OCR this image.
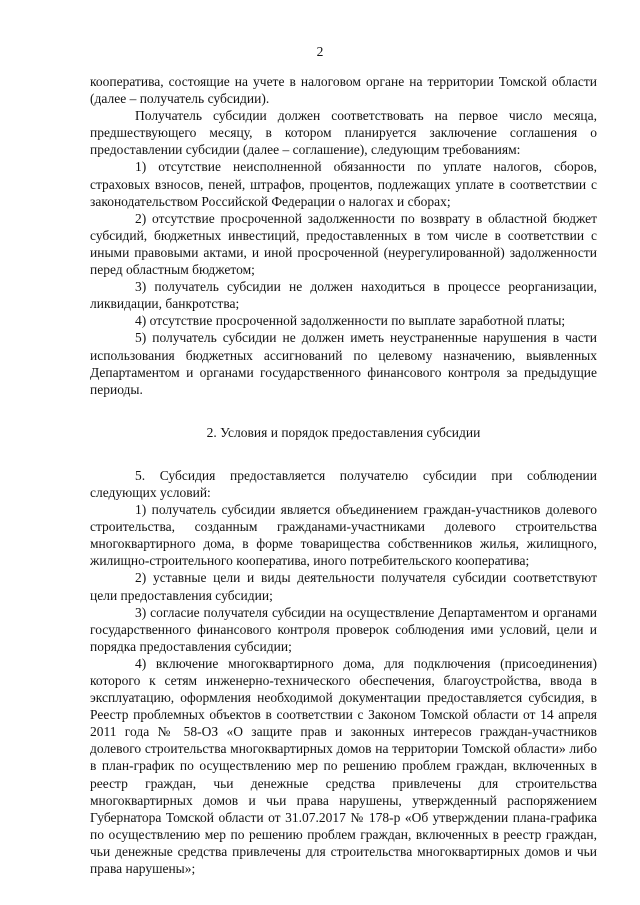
2

кооператива, состоящие на учете в налоговом органе на территории Томской области (далее – получатель субсидии).

Получатель субсидии должен соответствовать на первое число месяца, предшествующего месяцу, в котором планируется заключение соглашения о предоставлении субсидии (далее – соглашение), следующим требованиям:

1) отсутствие неисполненной обязанности по уплате налогов, сборов, страховых взносов, пеней, штрафов, процентов, подлежащих уплате в соответствии с законодательством Российской Федерации о налогах и сборах;

2) отсутствие просроченной задолженности по возврату в областной бюджет субсидий, бюджетных инвестиций, предоставленных в том числе в соответствии с иными правовыми актами, и иной просроченной (неурегулированной) задолженности перед областным бюджетом;

3) получатель субсидии не должен находиться в процессе реорганизации, ликвидации, банкротства;

4) отсутствие просроченной задолженности по выплате заработной платы;

5) получатель субсидии не должен иметь неустраненные нарушения в части использования бюджетных ассигнований по целевому назначению, выявленных Департаментом и органами государственного финансового контроля за предыдущие периоды.

2. Условия и порядок предоставления субсидии

5. Субсидия предоставляется получателю субсидии при соблюдении следующих условий:

1) получатель субсидии является объединением граждан-участников долевого строительства, созданным гражданами-участниками долевого строительства многоквартирного дома, в форме товарищества собственников жилья, жилищного, жилищно-строительного кооператива, иного потребительского кооператива;

2) уставные цели и виды деятельности получателя субсидии соответствуют цели предоставления субсидии;

3) согласие получателя субсидии на осуществление Департаментом и органами государственного финансового контроля проверок соблюдения ими условий, цели и порядка предоставления субсидии;

4) включение многоквартирного дома, для подключения (присоединения) которого к сетям инженерно-технического обеспечения, благоустройства, ввода в эксплуатацию, оформления необходимой документации предоставляется субсидия, в Реестр проблемных объектов в соответствии с Законом Томской области от 14 апреля 2011 года № 58-ОЗ «О защите прав и законных интересов граждан-участников долевого строительства многоквартирных домов на территории Томской области» либо в план-график по осуществлению мер по решению проблем граждан, включенных в реестр граждан, чьи денежные средства привлечены для строительства многоквартирных домов и чьи права нарушены, утвержденный распоряжением Губернатора Томской области от 31.07.2017 № 178-р «Об утверждении плана-графика по осуществлению мер по решению проблем граждан, включенных в реестр граждан, чьи денежные средства привлечены для строительства многоквартирных домов и чьи права нарушены»;
